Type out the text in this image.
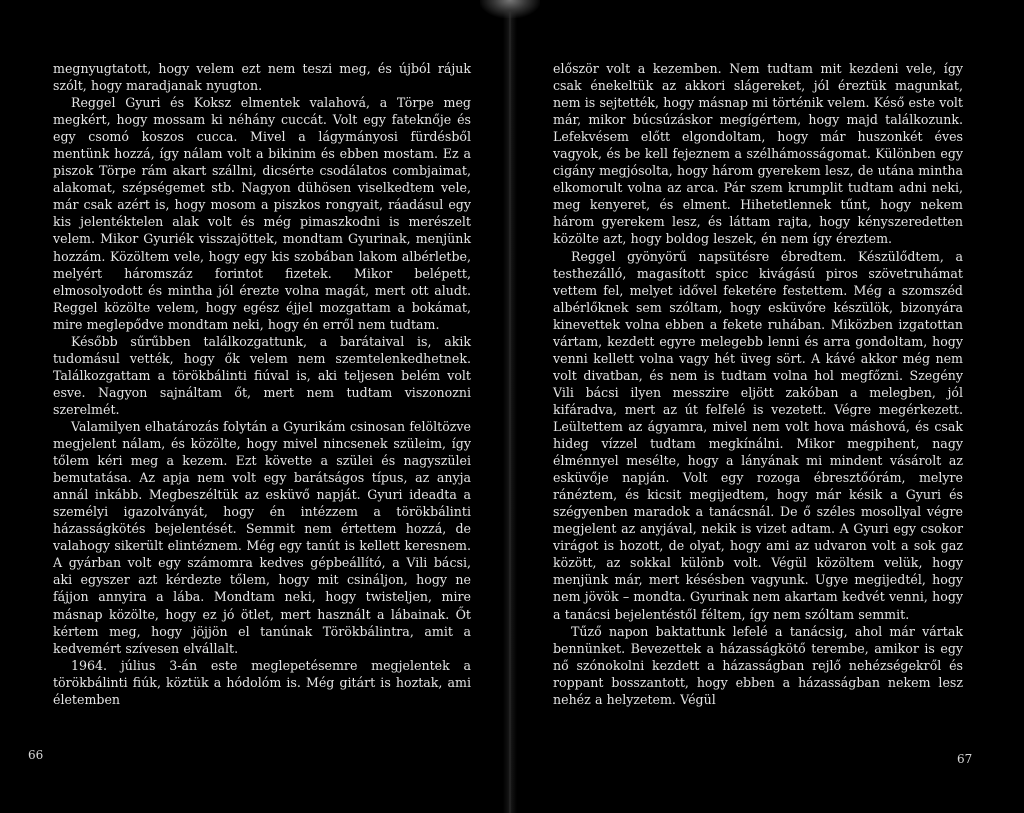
megnyugtatott, hogy velem ezt nem teszi meg, és újból rájuk szólt, hogy maradjanak nyugton.

Reggel Gyuri és Koksz elmentek valahová, a Törpe meg megkért, hogy mossam ki néhány cuccát. Volt egy fateknője és egy csomó koszos cucca. Mivel a lágymányosi fürdésből mentünk hozzá, így nálam volt a bikinim és ebben mostam. Ez a piszok Törpe rám akart szállni, dicsérte csodálatos combjaimat, alakomat, szépségemet stb. Nagyon dühösen viselkedtem vele, már csak azért is, hogy mosom a piszkos rongyait, ráadásul egy kis jelentéktelen alak volt és még pimaszkodni is merészelt velem. Mikor Gyuriék visszajöttek, mondtam Gyurinak, menjünk hozzám. Közöltem vele, hogy egy kis szobában lakom albérletbe, melyért háromszáz forintot fizetek. Mikor belépett, elmosolyodott és mintha jól érezte volna magát, mert ott aludt. Reggel közölte velem, hogy egész éjjel mozgattam a bokámat, mire meglepődve mondtam neki, hogy én erről nem tudtam.

Később sűrűbben találkozgattunk, a barátaival is, akik tudomásul vették, hogy ők velem nem szemtelenkedhetnek. Találkozgattam a törökbálinti fiúval is, aki teljesen belém volt esve. Nagyon sajnáltam őt, mert nem tudtam viszonozni szerelmét.

Valamilyen elhatározás folytán a Gyurikám csinosan felöltözve megjelent nálam, és közölte, hogy mivel nincsenek szüleim, így tőlem kéri meg a kezem. Ezt követte a szülei és nagyszülei bemutatása. Az apja nem volt egy barátságos típus, az anyja annál inkább. Megbeszéltük az esküvő napját. Gyuri ideadta a személyi igazolványát, hogy én intézzem a törökbálinti házasságkötés bejelentését. Semmit nem értettem hozzá, de valahogy sikerült elintéznem. Még egy tanút is kellett keresnem. A gyárban volt egy számomra kedves gépbeállító, a Vili bácsi, aki egyszer azt kérdezte tőlem, hogy mit csináljon, hogy ne fájjon annyira a lába. Mondtam neki, hogy twisteljen, mire másnap közölte, hogy ez jó ötlet, mert használt a lábainak. Őt kértem meg, hogy jöjjön el tanúnak Törökbálintra, amit a kedvemért szívesen elvállalt.

1964. július 3-án este meglepetésemre megjelentek a törökbálinti fiúk, köztük a hódolóm is. Még gitárt is hoztak, ami életemben

66

először volt a kezemben. Nem tudtam mit kezdeni vele, így csak énekeltük az akkori slágereket, jól éreztük magunkat, nem is sejtették, hogy másnap mi történik velem. Késő este volt már, mikor búcsúzáskor megígértem, hogy majd találkozunk. Lefekvésem előtt elgondoltam, hogy már huszonkét éves vagyok, és be kell fejeznem a szélhámosságomat. Különben egy cigány megjósolta, hogy három gyerekem lesz, de utána mintha elkomorult volna az arca. Pár szem krumplit tudtam adni neki, meg kenyeret, és elment. Hihetetlennek tűnt, hogy nekem három gyerekem lesz, és láttam rajta, hogy kényszeredetten közölte azt, hogy boldog leszek, én nem így éreztem.

Reggel gyönyörű napsütésre ébredtem. Készülődtem, a testhezálló, magasított spicc kivágású piros szövetruhámat vettem fel, melyet idővel feketére festettem. Még a szomszéd albérlőknek sem szóltam, hogy esküvőre készülök, bizonyára kinevettek volna ebben a fekete ruhában. Miközben izgatottan vártam, kezdett egyre melegebb lenni és arra gondoltam, hogy venni kellett volna vagy hét üveg sört. A kávé akkor még nem volt divatban, és nem is tudtam volna hol megfőzni. Szegény Vili bácsi ilyen messzire eljött zakóban a melegben, jól kifáradva, mert az út felfelé is vezetett. Végre megérkezett. Leültettem az ágyamra, mivel nem volt hova máshová, és csak hideg vízzel tudtam megkínálni. Mikor megpihent, nagy élménnyel mesélte, hogy a lányának mi mindent vásárolt az esküvője napján. Volt egy rozoga ébresztőórám, melyre ránéztem, és kicsit megijedtem, hogy már késik a Gyuri és szégyenben maradok a tanácsnál. De ő széles mosollyal végre megjelent az anyjával, nekik is vizet adtam. A Gyuri egy csokor virágot is hozott, de olyat, hogy ami az udvaron volt a sok gaz között, az sokkal különb volt. Végül közöltem velük, hogy menjünk már, mert késésben vagyunk. Ugye megijedtél, hogy nem jövök – mondta. Gyurinak nem akartam kedvét venni, hogy a tanácsi bejelentéstől féltem, így nem szóltam semmit.

Tűző napon baktattunk lefelé a tanácsig, ahol már vártak bennünket. Bevezettek a házasságkötő terembe, amikor is egy nő szónokolni kezdett a házasságban rejlő nehézségekről és roppant bosszantott, hogy ebben a házasságban nekem lesz nehéz a helyzetem. Végül

67
